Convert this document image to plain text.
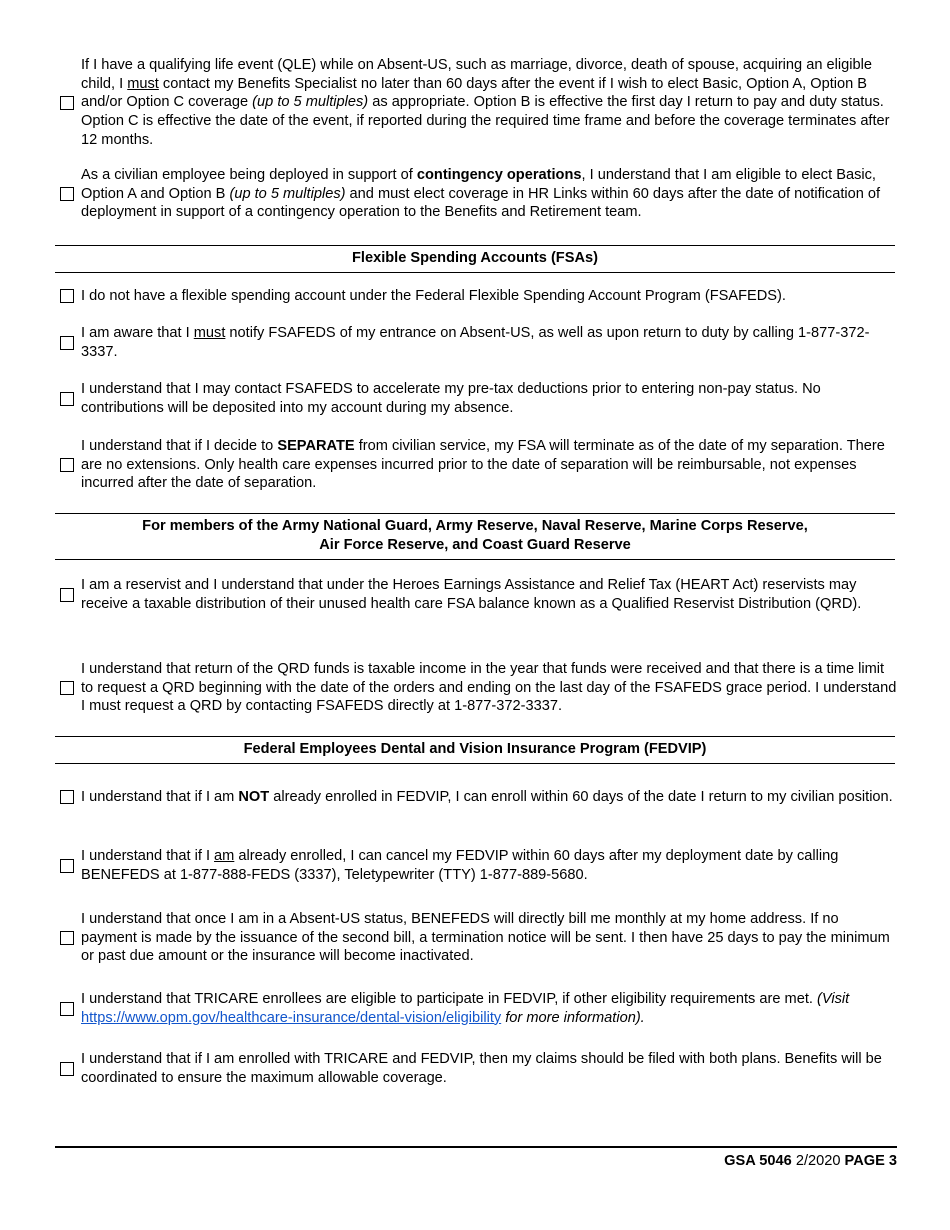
If I have a qualifying life event (QLE) while on Absent-US, such as marriage, divorce, death of spouse, acquiring an eligible child, I must contact my Benefits Specialist no later than 60 days after the event if I wish to elect Basic, Option A, Option B and/or Option C coverage (up to 5 multiples) as appropriate. Option B is effective the first day I return to pay and duty status. Option C is effective the date of the event, if reported during the required time frame and before the coverage terminates after 12 months.
As a civilian employee being deployed in support of contingency operations, I understand that I am eligible to elect Basic, Option A and Option B (up to 5 multiples) and must elect coverage in HR Links within 60 days after the date of notification of deployment in support of a contingency operation to the Benefits and Retirement team.
Flexible Spending Accounts (FSAs)
I do not have a flexible spending account under the Federal Flexible Spending Account Program (FSAFEDS).
I am aware that I must notify FSAFEDS of my entrance on Absent-US, as well as upon return to duty by calling 1-877-372-3337.
I understand that I may contact FSAFEDS to accelerate my pre-tax deductions prior to entering non-pay status. No contributions will be deposited into my account during my absence.
I understand that if I decide to SEPARATE from civilian service, my FSA will terminate as of the date of my separation. There are no extensions. Only health care expenses incurred prior to the date of separation will be reimbursable, not expenses incurred after the date of separation.
For members of the Army National Guard, Army Reserve, Naval Reserve, Marine Corps Reserve,
Air Force Reserve, and Coast Guard Reserve
I am a reservist and I understand that under the Heroes Earnings Assistance and Relief Tax (HEART Act) reservists may receive a taxable distribution of their unused health care FSA balance known as a Qualified Reservist Distribution (QRD).
I understand that return of the QRD funds is taxable income in the year that funds were received and that there is a time limit to request a QRD beginning with the date of the orders and ending on the last day of the FSAFEDS grace period. I understand I must request a QRD by contacting FSAFEDS directly at 1-877-372-3337.
Federal Employees Dental and Vision Insurance Program (FEDVIP)
I understand that if I am NOT already enrolled in FEDVIP, I can enroll within 60 days of the date I return to my civilian position.
I understand that if I am already enrolled, I can cancel my FEDVIP within 60 days after my deployment date by calling BENEFEDS at 1-877-888-FEDS (3337), Teletypewriter (TTY) 1-877-889-5680.
I understand that once I am in a Absent-US status, BENEFEDS will directly bill me monthly at my home address. If no payment is made by the issuance of the second bill, a termination notice will be sent. I then have 25 days to pay the minimum or past due amount or the insurance will become inactivated.
I understand that TRICARE enrollees are eligible to participate in FEDVIP, if other eligibility requirements are met. (Visit https://www.opm.gov/healthcare-insurance/dental-vision/eligibility for more information).
I understand that if I am enrolled with TRICARE and FEDVIP, then my claims should be filed with both plans. Benefits will be coordinated to ensure the maximum allowable coverage.
GSA 5046 2/2020 PAGE 3
